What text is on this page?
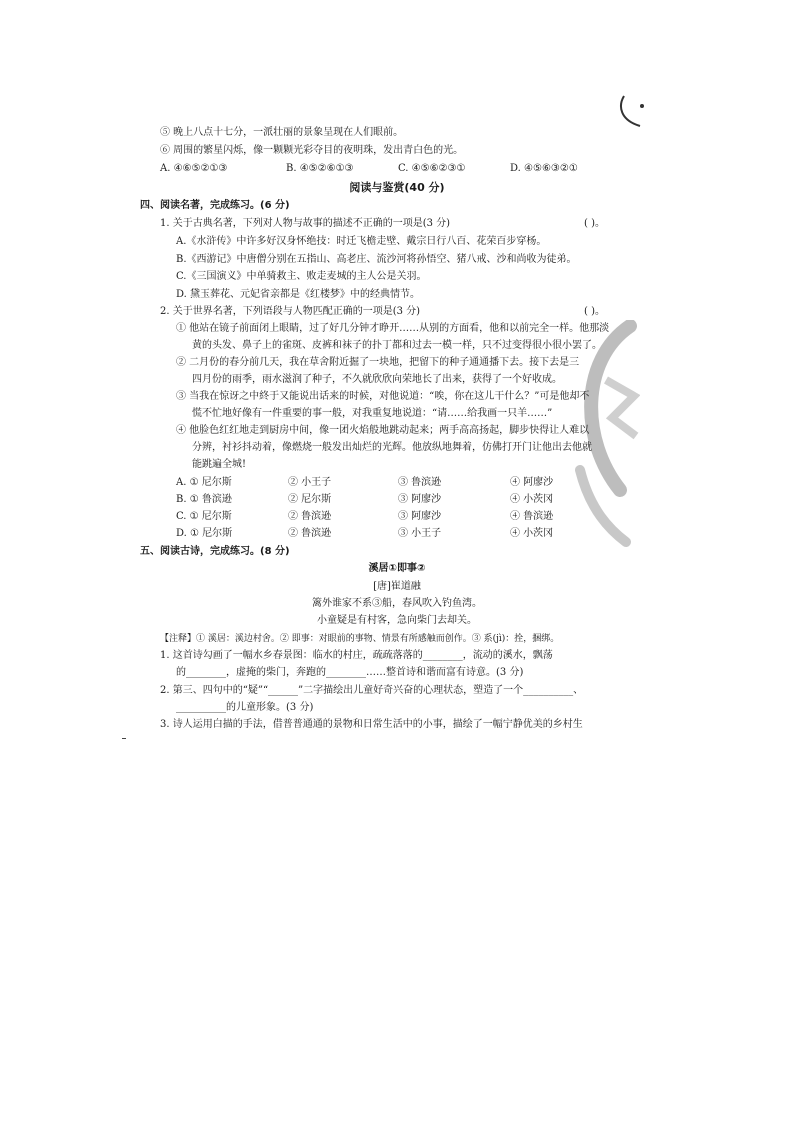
⑤ 晚上八点十七分，一派壮丽的景象呈现在人们眼前。
⑥ 周围的繁星闪烁，像一颗颗光彩夺目的夜明珠，发出青白色的光。
A. ④⑥⑤②①③	B. ④⑤②⑥①③	C. ④⑤⑥②③①	D. ④⑤⑥③②①
阅读与鉴赏(40 分)
四、阅读名著，完成练习。(6 分)
1. 关于古典名著，下列对人物与故事的描述不正确的一项是(3 分)	( )。
A.《水浒传》中许多好汉身怀绝技：时迁飞檐走壁、戴宗日行八百、花荣百步穿杨。
B.《西游记》中唐僧分别在五指山、高老庄、流沙河将孙悟空、猪八戒、沙和尚收为徒弟。
C.《三国演义》中单骑救主、败走麦城的主人公是关羽。
D. 黛玉葬花、元妃省亲都是《红楼梦》中的经典情节。
2. 关于世界名著，下列语段与人物匹配正确的一项是(3 分)	( )。
① 他站在镜子前面闭上眼睛，过了好几分钟才睁开……从别的方面看，他和以前完全一样。他那淡
黄的头发、鼻子上的雀斑、皮裤和袜子的扑丁都和过去一模一样，只不过变得很小很小罢了。
② 二月份的春分前几天，我在草舍附近掘了一块地，把留下的种子通通播下去。接下去是三
四月份的雨季，雨水滋润了种子，不久就欣欣向荣地长了出来，获得了一个好收成。
③ 当我在惊讶之中終于又能说出话来的时候，对他说道：“唉，你在这儿干什么？”可是他却不
慌不忙地好像有一件重要的事一般，对我重复地说道：“请……给我画一只羊……”
④ 他脸色红红地走到厨房中间，像一团火焰般地跳动起来；两手高高扬起，脚步快得让人难以
分辨，衬衫抖动着，像燃烧一般发出灿烂的光辉。他放纵地舞着，仿佛打开门让他出去他就
能跳遍全城!
A. ① 尼尔斯	② 小王子	③ 鲁滨逊	④ 阿廖沙
B. ① 鲁滨逊	② 尼尔斯	③ 阿廖沙	④ 小茨冈
C. ① 尼尔斯	② 鲁滨逊	③ 阿廖沙	④ 鲁滨逊
D. ① 尼尔斯	② 鲁滨逊	③ 小王子	④ 小茨冈
五、阅读古诗，完成练习。(8 分)
溪居①即事②
[唐]崔道融
篱外谁家不系③船，春风吹入钓鱼湾。
小童疑是有村客，急向柴门去却关。
【注释】① 溪居：溪边村舍。② 即事：对眼前的事物、情景有所感触而创作。③ 系(jì)：拴，捆绑。
1. 这首诗勾画了一幅水乡春景图：临水的村庄，疏疏落落的________，流动的溪水，飘荡
的________，虚掩的柴门，奔跑的________……整首诗和谐而富有诗意。(3 分)
2. 第三、四句中的“疑”“______”二字描绘出儿童好奇兴奋的心理状态，塑造了一个__________、
__________的儿童形象。(3 分)
3. 诗人运用白描的手法，借普普通通的景物和日常生活中的小事，描绘了一幅宁静优美的乡村生
